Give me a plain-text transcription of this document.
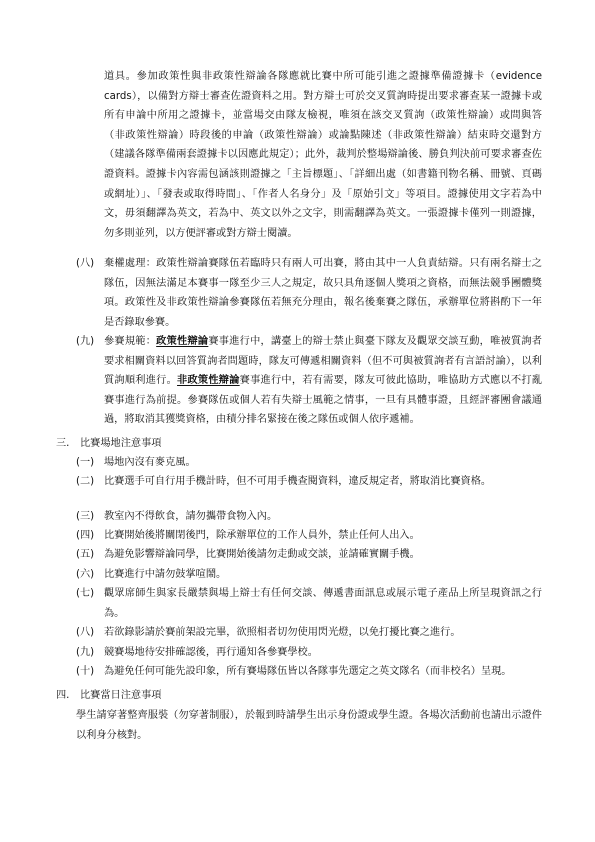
道具。參加政策性與非政策性辯論各隊應就比賽中所可能引進之證據準備證據卡（evidence cards），以備對方辯士審查佐證資料之用。對方辯士可於交叉質詢時提出要求審查某一證據卡或所有申論中所用之證據卡，並當場交由隊友檢視，唯須在該交叉質詢（政策性辯論）或問與答（非政策性辯論）時段後的申論（政策性辯論）或論點陳述（非政策性辯論）結束時交還對方（建議各隊準備兩套證據卡以因應此規定）；此外，裁判於整場辯論後、勝負判決前可要求審查佐證資料。證據卡內容需包涵該則證據之「主旨標題」、「詳細出處（如書籍刊物名稱、冊號、頁碼或網址）」、「發表或取得時間」、「作者人名身分」及「原始引文」等項目。證據使用文字若為中文，毋須翻譯為英文，若為中、英文以外之文字，則需翻譯為英文。一張證據卡僅列一則證據，勿多則並列，以方便評審或對方辯士閱讀。
(八) 棄權處理：政策性辯論賽隊伍若臨時只有兩人可出賽，將由其中一人負責結辯。只有兩名辯士之隊伍，因無法滿足本賽事一隊至少三人之規定，故只具角逐個人獎項之資格，而無法競爭團體獎項。政策性及非政策性辯論參賽隊伍若無充分理由，報名後棄賽之隊伍，承辦單位將斟酌下一年是否錄取參賽。
(九) 參賽規範：政策性辯論賽事進行中，講臺上的辯士禁止與臺下隊友及觀眾交談互動，唯被質詢者要求相關資料以回答質詢者問題時，隊友可傳遞相關資料（但不可與被質詢者有言語討論），以利質詢順利進行。非政策性辯論賽事進行中，若有需要，隊友可彼此協助，唯協助方式應以不打亂賽事進行為前提。參賽隊伍或個人若有失辯士風範之情事，一旦有具體事證，且經評審團會議通過，將取消其獲獎資格，由積分排名緊接在後之隊伍或個人依序遞補。
三.	比賽場地注意事項
(一) 場地內沒有麥克風。
(二) 比賽選手可自行用手機計時，但不可用手機查閱資料，違反規定者，將取消比賽資格。
(三) 教室內不得飲食，請勿攜帶食物入內。
(四) 比賽開始後將關閉後門，除承辦單位的工作人員外，禁止任何人出入。
(五) 為避免影響辯論同學，比賽開始後請勿走動或交談，並請確實關手機。
(六) 比賽進行中請勿鼓掌喧鬧。
(七) 觀眾席師生與家長嚴禁與場上辯士有任何交談、傳遞書面訊息或展示電子產品上所呈現資訊之行為。
(八) 若欲錄影請於賽前架設完畢，欲照相者切勿使用閃光燈，以免打擾比賽之進行。
(九) 競賽場地待安排確認後，再行通知各參賽學校。
(十) 為避免任何可能先設印象，所有賽場隊伍皆以各隊事先選定之英文隊名（而非校名）呈現。
四.	比賽當日注意事項
學生請穿著整齊服裝（勿穿著制服），於報到時請學生出示身份證或學生證。各場次活動前也請出示證件以利身分核對。
